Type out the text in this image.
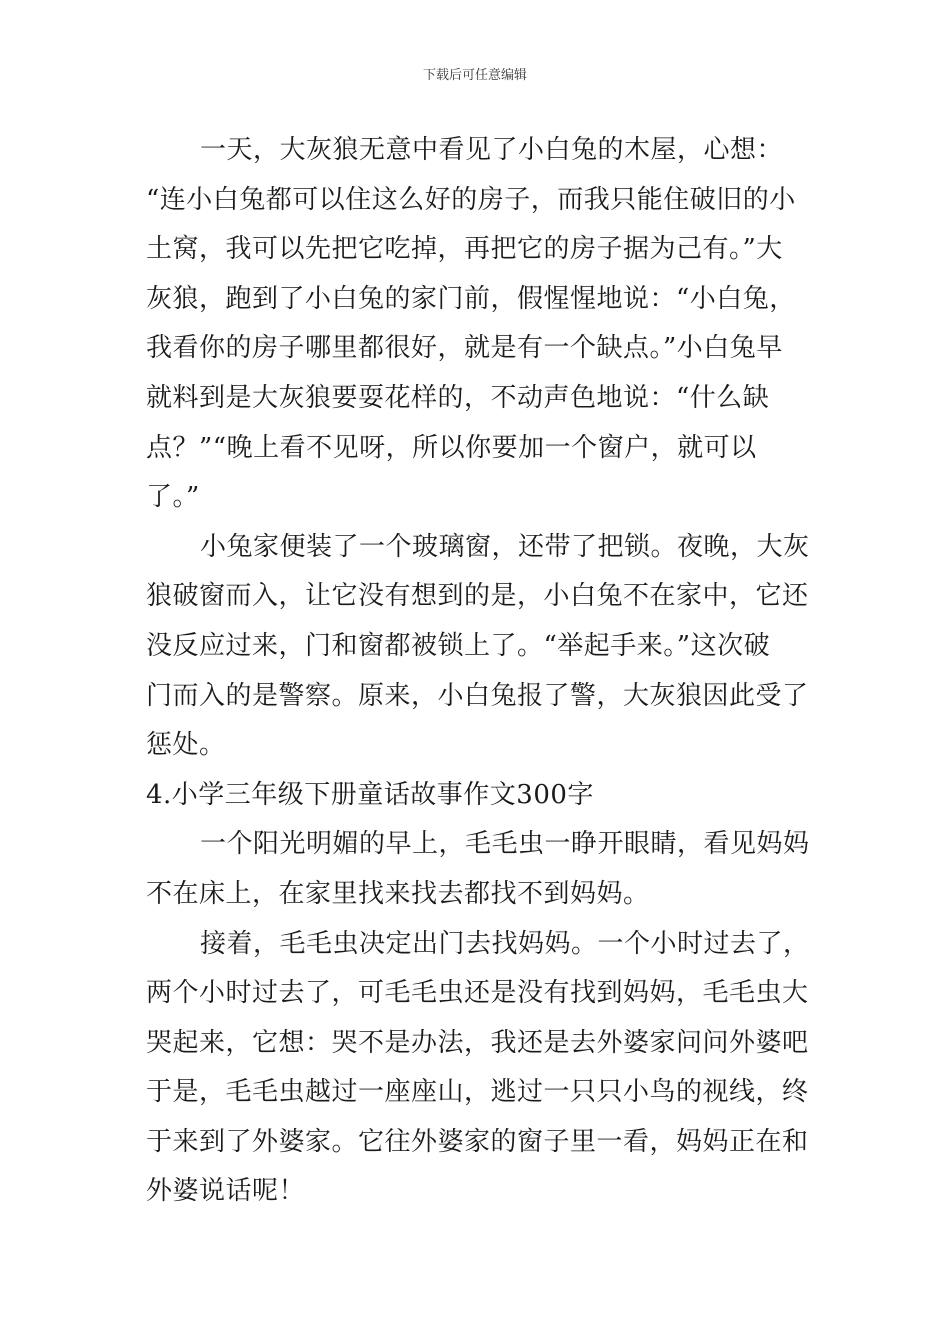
下载后可任意编辑
一天，大灰狼无意中看见了小白兔的木屋，心想：
“连小白兔都可以住这么好的房子，而我只能住破旧的小
土窝，我可以先把它吃掉，再把它的房子据为己有。”大
灰狼，跑到了小白兔的家门前，假惺惺地说：“小白兔，
我看你的房子哪里都很好，就是有一个缺点。”小白兔早
就料到是大灰狼要耍花样的，不动声色地说：“什么缺
点？”“晚上看不见呀，所以你要加一个窗户，就可以
了。”
小兔家便装了一个玻璃窗，还带了把锁。夜晚，大灰
狼破窗而入，让它没有想到的是，小白兔不在家中，它还
没反应过来，门和窗都被锁上了。“举起手来。”这次破
门而入的是警察。原来，小白兔报了警，大灰狼因此受了
惩处。
4.小学三年级下册童话故事作文300字
一个阳光明媚的早上，毛毛虫一睁开眼睛，看见妈妈
不在床上，在家里找来找去都找不到妈妈。
接着，毛毛虫决定出门去找妈妈。一个小时过去了，
两个小时过去了，可毛毛虫还是没有找到妈妈，毛毛虫大
哭起来，它想：哭不是办法，我还是去外婆家问问外婆吧
于是，毛毛虫越过一座座山，逃过一只只小鸟的视线，终
于来到了外婆家。它往外婆家的窗子里一看，妈妈正在和
外婆说话呢！
